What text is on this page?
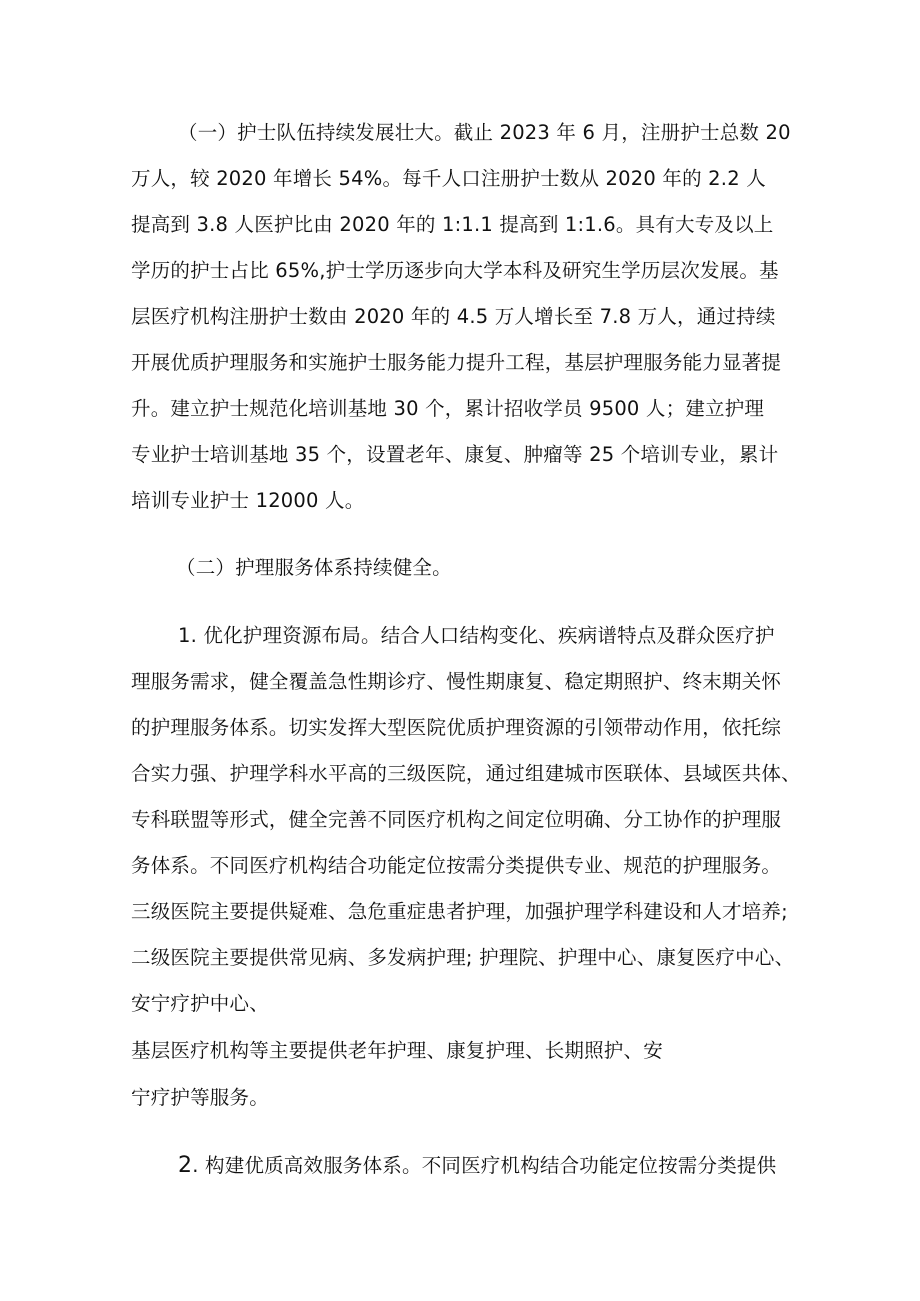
（一）护士队伍持续发展壮大。截止 2023 年 6 月，注册护士总数 20
万人，较 2020 年增长 54%。每千人口注册护士数从 2020 年的 2.2 人
提高到 3.8 人医护比由 2020 年的 1:1.1 提高到 1:1.6。具有大专及以上
学历的护士占比 65%,护士学历逐步向大学本科及研究生学历层次发展。基
层医疗机构注册护士数由 2020 年的 4.5 万人增长至 7.8 万人，通过持续
开展优质护理服务和实施护士服务能力提升工程，基层护理服务能力显著提
升。建立护士规范化培训基地 30 个，累计招收学员 9500 人；建立护理
专业护士培训基地 35 个，设置老年、康复、肿瘤等 25 个培训专业，累计
培训专业护士 12000 人。
（二）护理服务体系持续健全。
1. 优化护理资源布局。结合人口结构变化、疾病谱特点及群众医疗护
理服务需求，健全覆盖急性期诊疗、慢性期康复、稳定期照护、终末期关怀
的护理服务体系。切实发挥大型医院优质护理资源的引领带动作用，依托综
合实力强、护理学科水平高的三级医院，通过组建城市医联体、县域医共体、
专科联盟等形式，健全完善不同医疗机构之间定位明确、分工协作的护理服
务体系。不同医疗机构结合功能定位按需分类提供专业、规范的护理服务。
三级医院主要提供疑难、急危重症患者护理，加强护理学科建设和人才培养;
二级医院主要提供常见病、多发病护理; 护理院、护理中心、康复医疗中心、
安宁疗护中心、
基层医疗机构等主要提供老年护理、康复护理、长期照护、安
宁疗护等服务。
2. 构建优质高效服务体系。不同医疗机构结合功能定位按需分类提供
